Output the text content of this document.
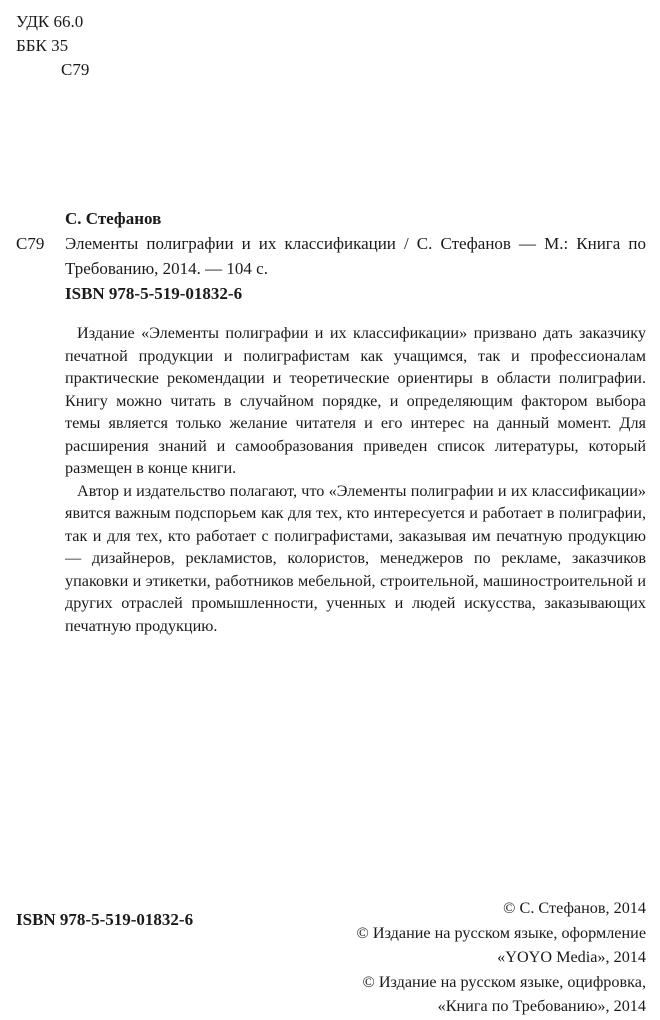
УДК 66.0
ББК 35
С79
С. Стефанов
С79	Элементы полиграфии и их классификации / С. Стефанов — М.: Книга по Требованию, 2014. — 104 с.
ISBN 978-5-519-01832-6

Издание «Элементы полиграфии и их классификации» призвано дать заказчику печатной продукции и полиграфистам как учащимся, так и профессионалам практические рекомендации и теоретические ориентиры в области полиграфии. Книгу можно читать в случайном порядке, и определяющим фактором выбора темы является только желание читателя и его интерес на данный момент. Для расширения знаний и самообразования приведен список литературы, который размещен в конце книги.

Автор и издательство полагают, что «Элементы полиграфии и их классификации» явится важным подспорьем как для тех, кто интересуется и работает в полиграфии, так и для тех, кто работает с полиграфистами, заказывая им печатную продукцию — дизайнеров, рекламистов, колористов, менеджеров по рекламе, заказчиков упаковки и этикетки, работников мебельной, строительной, машиностроительной и других отраслей промышленности, ученных и людей искусства, заказывающих печатную продукцию.

ISBN 978-5-519-01832-6
© С. Стефанов, 2014
© Издание на русском языке, оформление
«YOYO Media», 2014
© Издание на русском языке, оцифровка,
«Книга по Требованию», 2014
